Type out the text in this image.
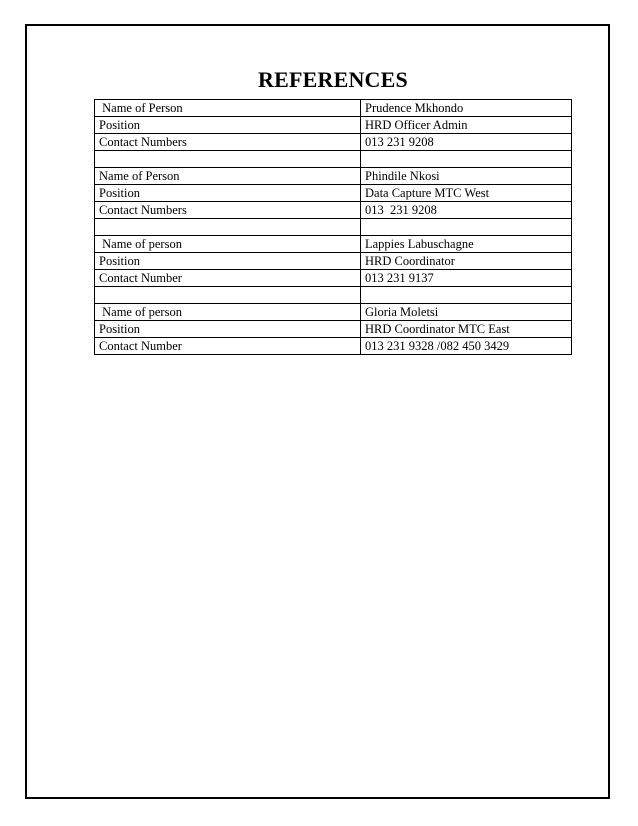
REFERENCES
Name of Person	Prudence Mkhondo
Position	HRD Officer Admin
Contact Numbers	013 231 9208

Name of Person	Phindile Nkosi
Position	Data Capture MTC West
Contact Numbers	013  231 9208

Name of person	Lappies Labuschagne
Position	HRD Coordinator
Contact Number	013 231 9137

Name of person	Gloria Moletsi
Position	HRD Coordinator MTC East
Contact Number	013 231 9328 /082 450 3429
